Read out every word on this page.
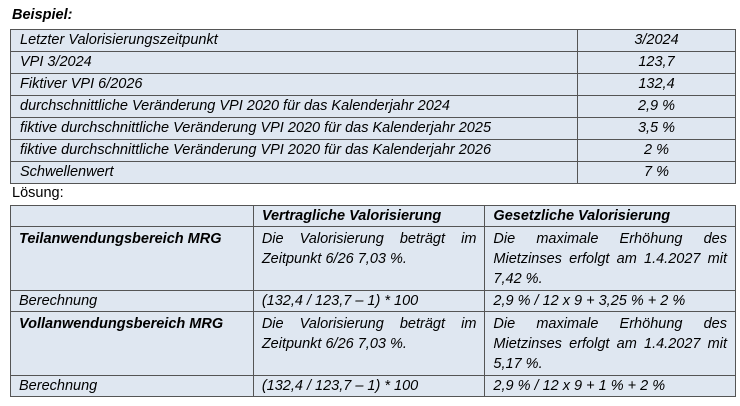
Beispiel:
Letzter Valorisierungszeitpunkt	3/2024
VPI 3/2024	123,7
Fiktiver VPI 6/2026	132,4
durchschnittliche Veränderung VPI 2020 für das Kalenderjahr 2024	2,9 %
fiktive durchschnittliche Veränderung VPI 2020 für das Kalenderjahr 2025	3,5 %
fiktive durchschnittliche Veränderung VPI 2020 für das Kalenderjahr 2026	2 %
Schwellenwert	7 %
Lösung:
	Vertragliche Valorisierung	Gesetzliche Valorisierung
Teilanwendungsbereich MRG	Die Valorisierung beträgt im Zeitpunkt 6/26 7,03 %.	Die maximale Erhöhung des Mietzinses erfolgt am 1.4.2027 mit 7,42 %.
Berechnung	(132,4 / 123,7 – 1) * 100	2,9 % / 12 x 9 + 3,25 % + 2 %
Vollanwendungsbereich MRG	Die Valorisierung beträgt im Zeitpunkt 6/26 7,03 %.	Die maximale Erhöhung des Mietzinses erfolgt am 1.4.2027 mit 5,17 %.
Berechnung	(132,4 / 123,7 – 1) * 100	2,9 % / 12 x 9 + 1 % + 2 %
